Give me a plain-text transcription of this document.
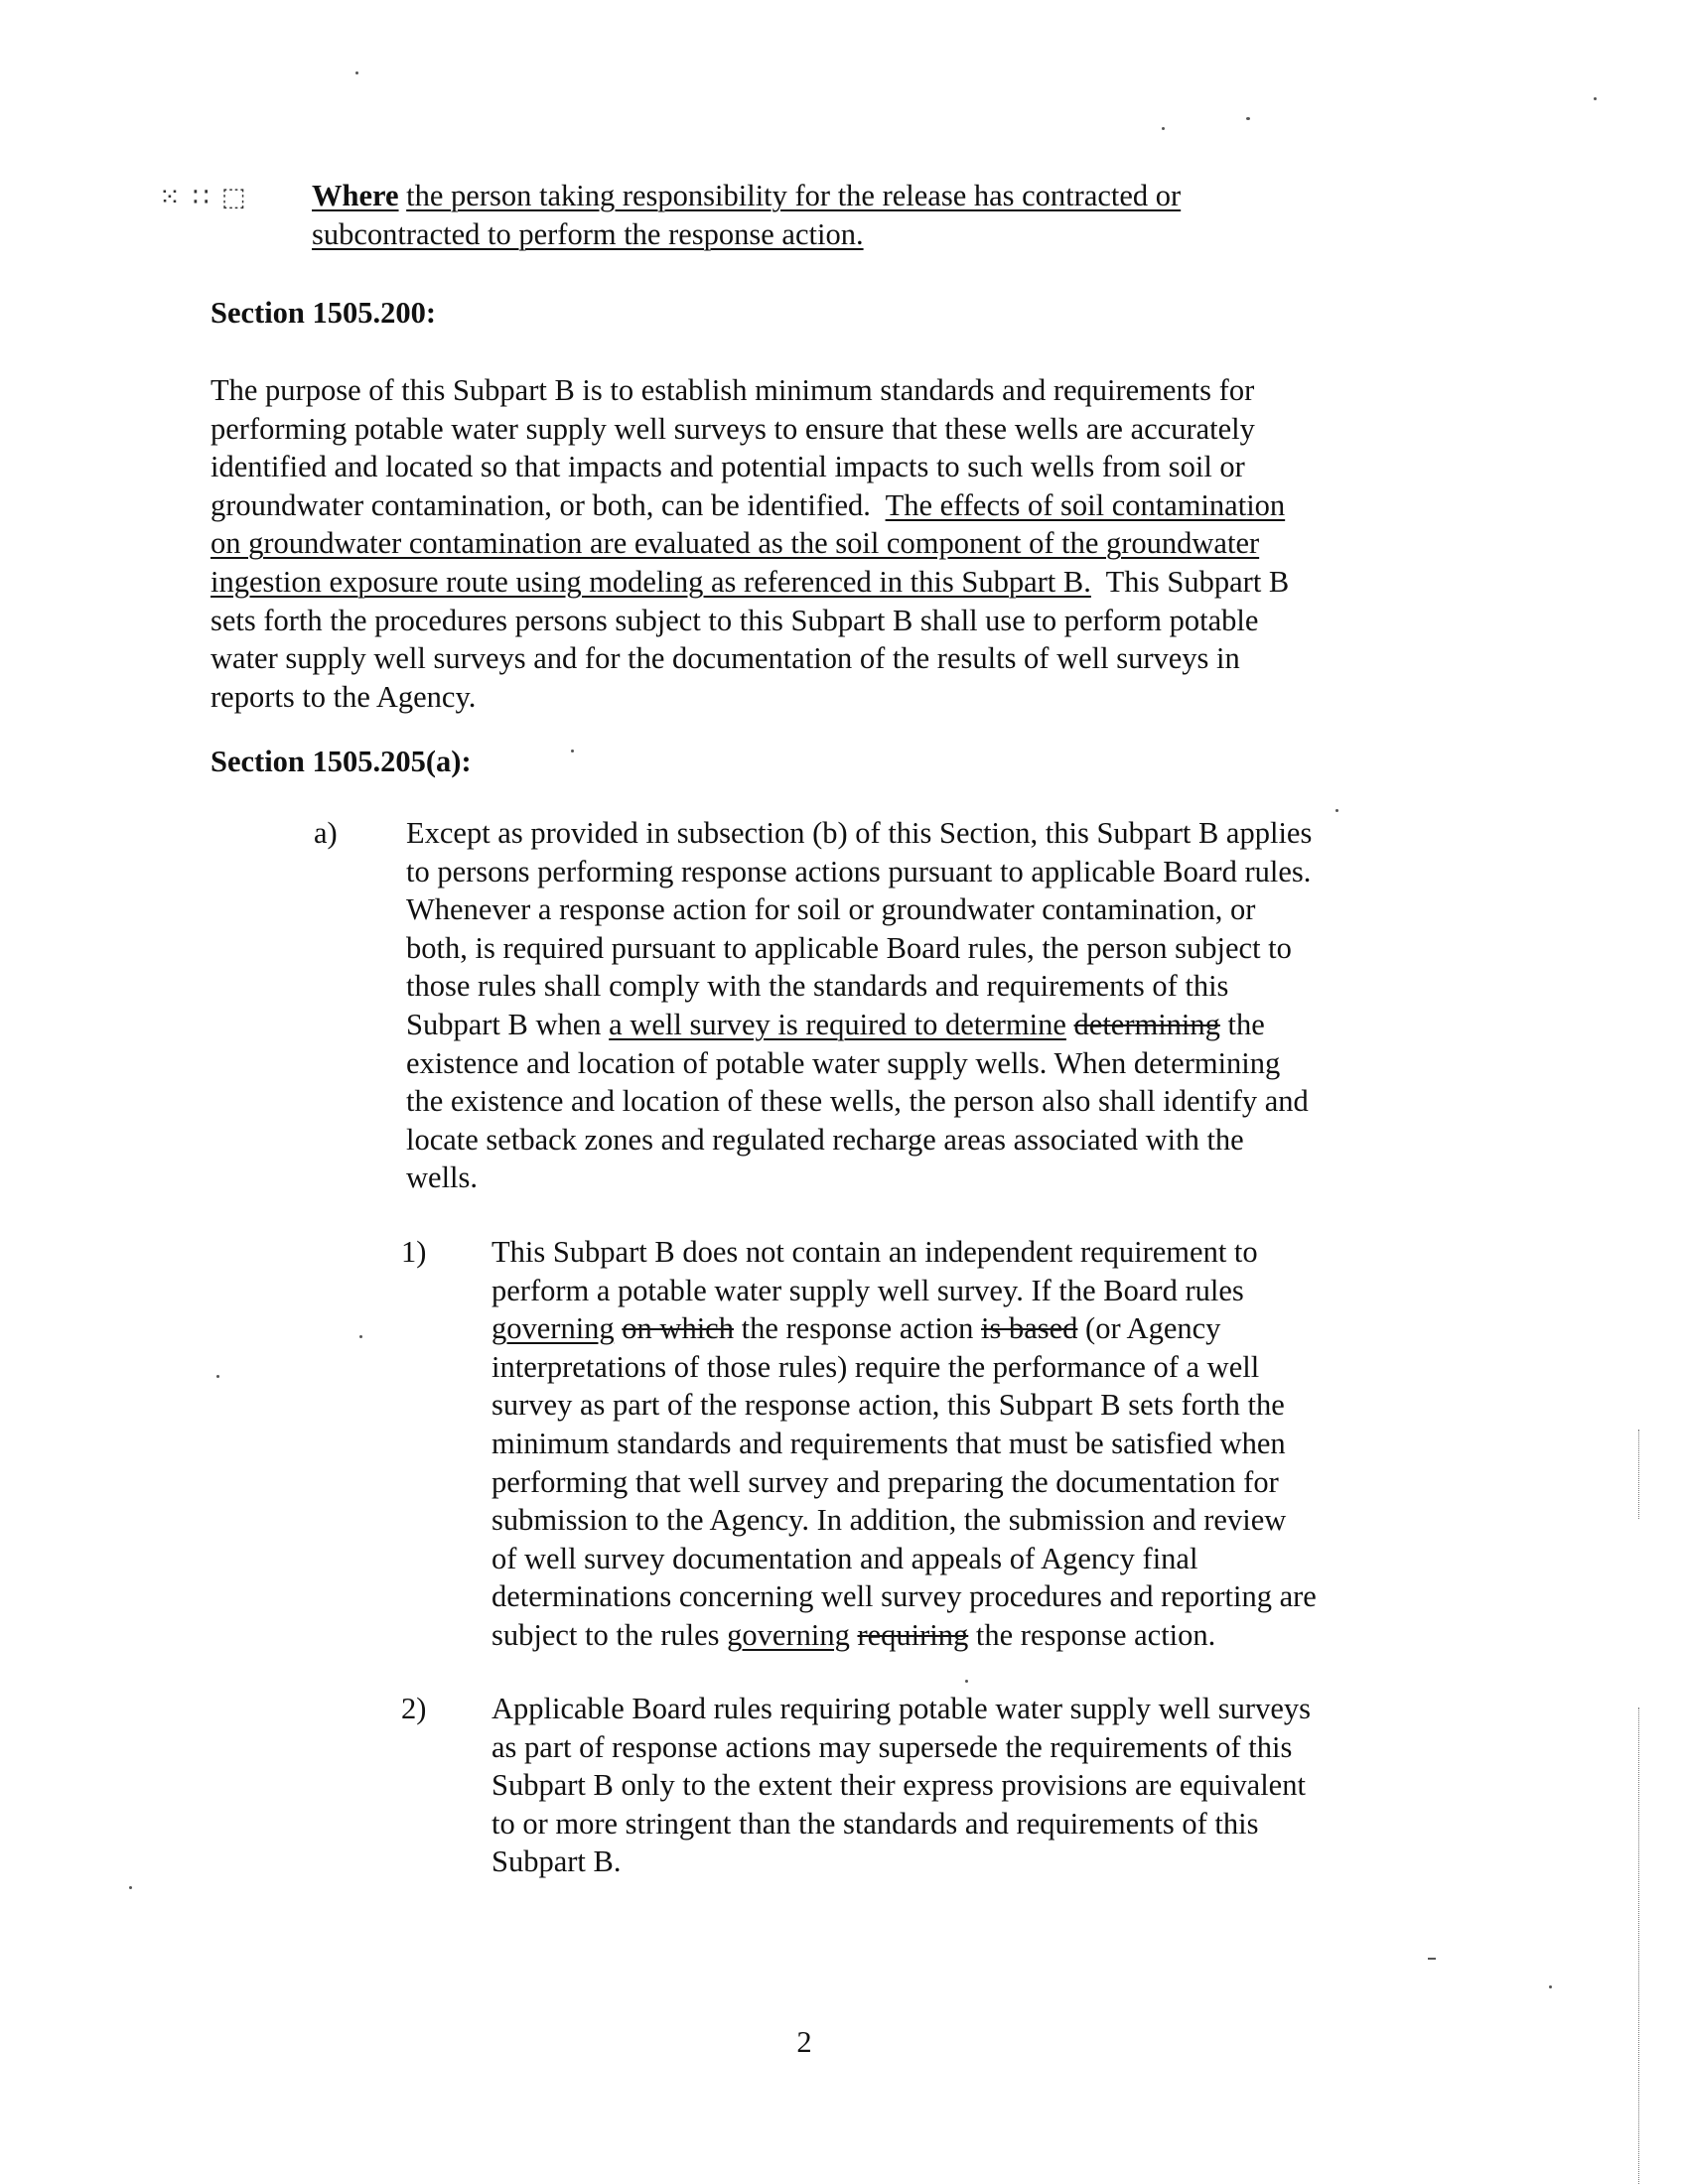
⁙ ∷ ⬚ Where the person taking responsibility for the release has contracted or
subcontracted to perform the response action.
Section 1505.200:
The purpose of this Subpart B is to establish minimum standards and requirements for
performing potable water supply well surveys to ensure that these wells are accurately
identified and located so that impacts and potential impacts to such wells from soil or
groundwater contamination, or both, can be identified. The effects of soil contamination
on groundwater contamination are evaluated as the soil component of the groundwater
ingestion exposure route using modeling as referenced in this Subpart B. This Subpart B
sets forth the procedures persons subject to this Subpart B shall use to perform potable
water supply well surveys and for the documentation of the results of well surveys in
reports to the Agency.
Section 1505.205(a):
a) Except as provided in subsection (b) of this Section, this Subpart B applies
to persons performing response actions pursuant to applicable Board rules.
Whenever a response action for soil or groundwater contamination, or
both, is required pursuant to applicable Board rules, the person subject to
those rules shall comply with the standards and requirements of this
Subpart B when a well survey is required to determine determining the
existence and location of potable water supply wells. When determining
the existence and location of these wells, the person also shall identify and
locate setback zones and regulated recharge areas associated with the
wells.
1) This Subpart B does not contain an independent requirement to
perform a potable water supply well survey. If the Board rules
governing on which the response action is based (or Agency
interpretations of those rules) require the performance of a well
survey as part of the response action, this Subpart B sets forth the
minimum standards and requirements that must be satisfied when
performing that well survey and preparing the documentation for
submission to the Agency. In addition, the submission and review
of well survey documentation and appeals of Agency final
determinations concerning well survey procedures and reporting are
subject to the rules governing requiring the response action.
2) Applicable Board rules requiring potable water supply well surveys
as part of response actions may supersede the requirements of this
Subpart B only to the extent their express provisions are equivalent
to or more stringent than the standards and requirements of this
Subpart B.
2
